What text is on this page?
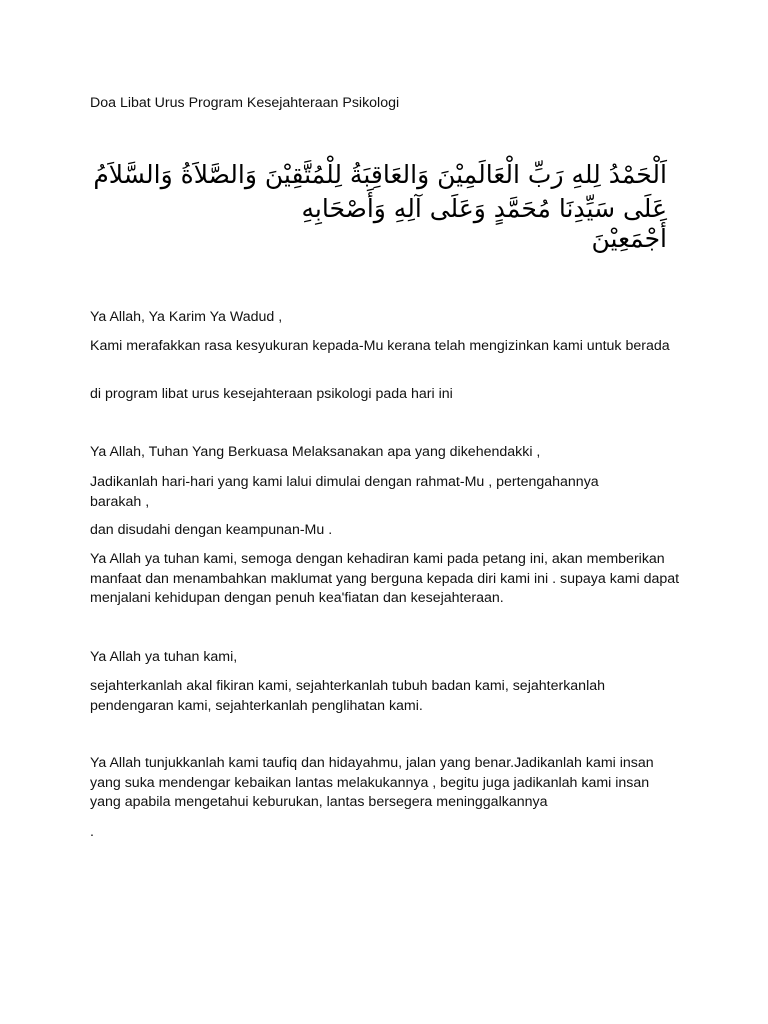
Doa Libat Urus Program Kesejahteraan Psikologi

اَلْحَمْدُ لِلهِ رَبِّ الْعَالَمِيْنَ وَالعَاقِبَةُ لِلْمُتَّقِيْنَ وَالصَّلاَةُ وَالسَّلاَمُ عَلَى سَيِّدِنَا مُحَمَّدٍ وَعَلَى آلِهِ وَأَصْحَابِهِ

أَجْمَعِيْنَ

Ya Allah, Ya Karim Ya Wadud ,

Kami merafakkan rasa kesyukuran kepada-Mu kerana telah mengizinkan kami untuk berada

di program libat urus kesejahteraan psikologi pada hari ini

Ya Allah, Tuhan Yang Berkuasa Melaksanakan apa yang dikehendakki ,

Jadikanlah hari-hari yang kami lalui dimulai dengan rahmat-Mu , pertengahannya barakah ,

dan disudahi dengan keampunan-Mu .

Ya Allah ya tuhan kami, semoga dengan kehadiran kami pada petang ini, akan memberikan manfaat dan menambahkan maklumat yang berguna kepada diri kami ini . supaya kami dapat menjalani kehidupan dengan penuh kea'fiatan dan kesejahteraan.

Ya Allah ya tuhan kami,

sejahterkanlah akal fikiran kami, sejahterkanlah tubuh badan kami, sejahterkanlah pendengaran kami, sejahterkanlah penglihatan kami.

Ya Allah tunjukkanlah kami taufiq dan hidayahmu, jalan yang benar.Jadikanlah kami insan yang suka mendengar kebaikan lantas melakukannya , begitu juga jadikanlah kami insan yang apabila mengetahui keburukan, lantas bersegera meninggalkannya

.
